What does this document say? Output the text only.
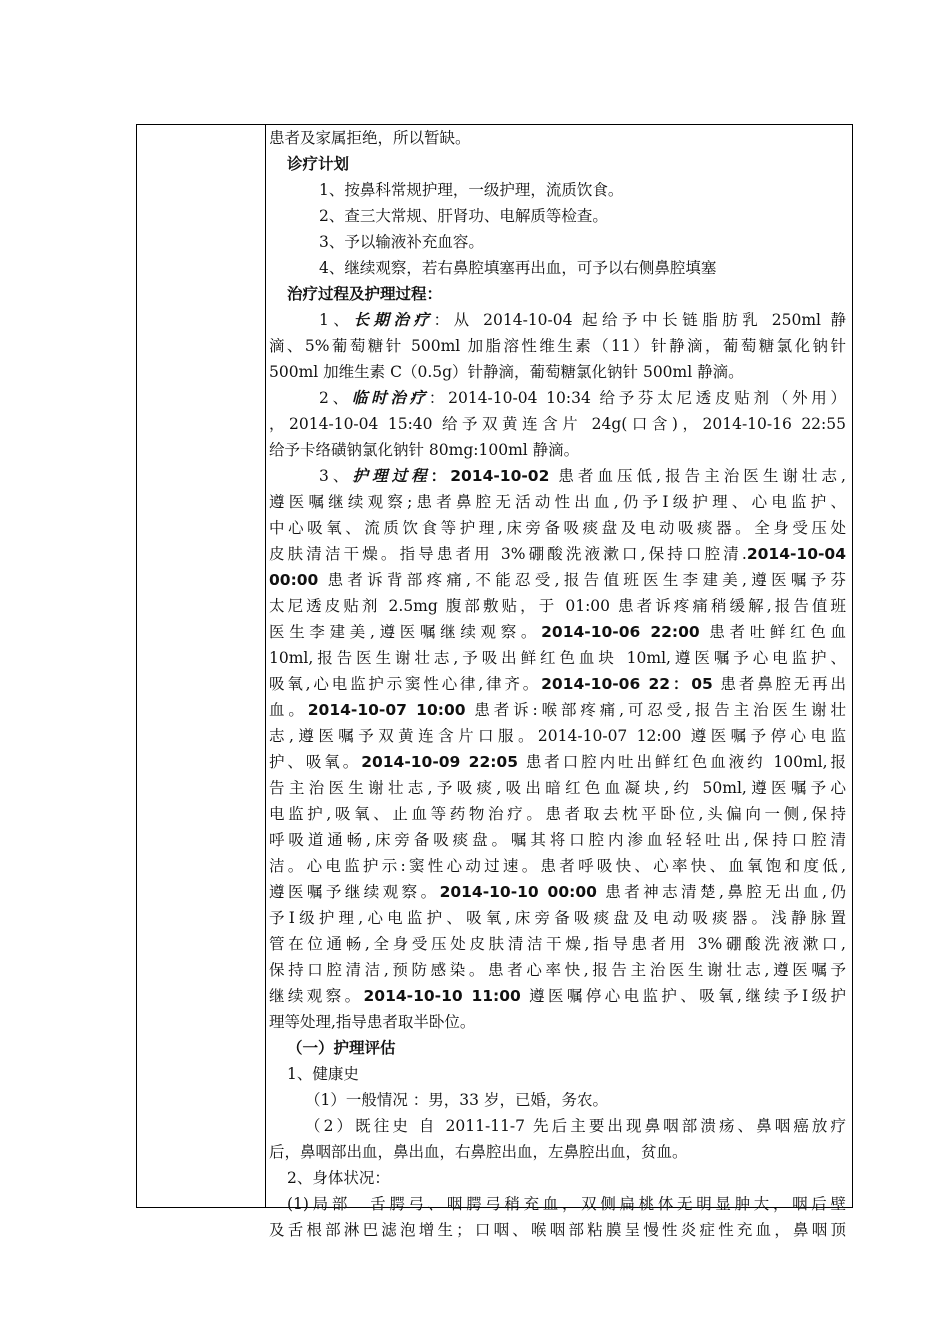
患者及家属拒绝，所以暂缺。
诊疗计划
1、按鼻科常规护理，一级护理，流质饮食。
2、查三大常规、肝肾功、电解质等检查。
3、予以输液补充血容。
4、继续观察，若右鼻腔填塞再出血，可予以右侧鼻腔填塞
治疗过程及护理过程：
1、长期治疗：从 2014-10-04 起给予中长链脂肪乳 250ml 静
滴、5%葡萄糖针 500ml 加脂溶性维生素（11）针静滴，葡萄糖氯化钠针
500ml 加维生素 C（0.5g）针静滴，葡萄糖氯化钠针 500ml 静滴。
2、临时治疗：2014-10-04 10:34 给予芬太尼透皮贴剂（外用）
，2014-10-04 15:40 给予双黄连含片 24g(口含)，2014-10-16 22:55
给予卡络磺钠氯化钠针 80mg:100ml 静滴。
3、护理过程：2014-10-02 患者血压低,报告主治医生谢壮志,
遵医嘱继续观察;患者鼻腔无活动性出血,仍予Ⅰ级护理、心电监护、
中心吸氧、流质饮食等护理,床旁备吸痰盘及电动吸痰器。全身受压处
皮肤清洁干燥。指导患者用 3%硼酸洗液漱口,保持口腔清.2014-10-04
00:00 患者诉背部疼痛,不能忍受,报告值班医生李建美,遵医嘱予芬
太尼透皮贴剂 2.5mg 腹部敷贴，于 01:00 患者诉疼痛稍缓解,报告值班
医生李建美,遵医嘱继续观察。2014-10-06 22:00 患者吐鲜红色血
10ml,报告医生谢壮志,予吸出鲜红色血块 10ml,遵医嘱予心电监护、
吸氧,心电监护示窦性心律,律齐。2014-10-06 22：05 患者鼻腔无再出
血。2014-10-07 10:00 患者诉:喉部疼痛,可忍受,报告主治医生谢壮
志,遵医嘱予双黄连含片口服。2014-10-07 12:00 遵医嘱予停心电监
护、吸氧。2014-10-09 22:05 患者口腔内吐出鲜红色血液约 100ml,报
告主治医生谢壮志,予吸痰,吸出暗红色血凝块,约 50ml,遵医嘱予心
电监护,吸氧、止血等药物治疗。患者取去枕平卧位,头偏向一侧,保持
呼吸道通畅,床旁备吸痰盘。嘱其将口腔内渗血轻轻吐出,保持口腔清
洁。心电监护示:窦性心动过速。患者呼吸快、心率快、血氧饱和度低,
遵医嘱予继续观察。2014-10-10 00:00 患者神志清楚,鼻腔无出血,仍
予Ⅰ级护理,心电监护、吸氧,床旁备吸痰盘及电动吸痰器。浅静脉置
管在位通畅,全身受压处皮肤清洁干燥,指导患者用 3%硼酸洗液漱口,
保持口腔清洁,预防感染。患者心率快,报告主治医生谢壮志,遵医嘱予
继续观察。2014-10-10 11:00 遵医嘱停心电监护、吸氧,继续予Ⅰ级护
理等处理,指导患者取半卧位。
（一）护理评估
1、健康史
（1）一般情况 ：男，33 岁，已婚，务农。
（2）既往史 自 2011-11-7 先后主要出现鼻咽部溃疡、鼻咽癌放疗
后，鼻咽部出血，鼻出血，右鼻腔出血，左鼻腔出血，贫血。
2、身体状况：
(1)局部　舌腭弓、咽腭弓稍充血，双侧扁桃体无明显肿大，咽后壁
及舌根部淋巴滤泡增生；口咽、喉咽部粘膜呈慢性炎症性充血，鼻咽顶
